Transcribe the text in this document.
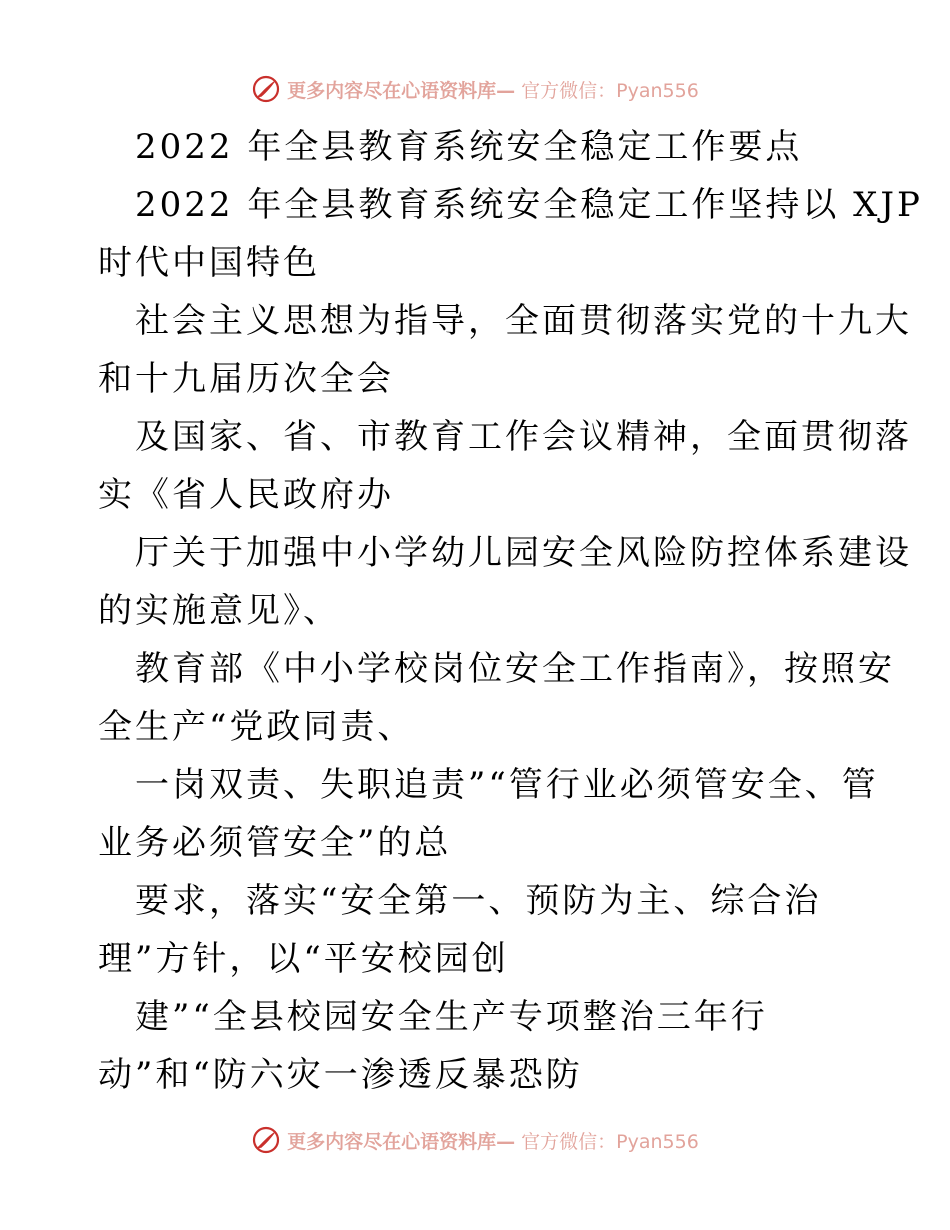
更多内容尽在心语资料库— 官方微信：Pyan556
2022 年全县教育系统安全稳定工作要点
2022 年全县教育系统安全稳定工作坚持以 XJP
时代中国特色
社会主义思想为指导，全面贯彻落实党的十九大
和十九届历次全会
及国家、省、市教育工作会议精神，全面贯彻落
实《省人民政府办
厅关于加强中小学幼儿园安全风险防控体系建设
的实施意见》、
教育部《中小学校岗位安全工作指南》，按照安
全生产“党政同责、
一岗双责、失职追责”“管行业必须管安全、管
业务必须管安全”的总
要求，落实“安全第一、预防为主、综合治
理”方针，以“平安校园创
建”“全县校园安全生产专项整治三年行
动”和“防六灾一渗透反暴恐防
更多内容尽在心语资料库— 官方微信：Pyan556
